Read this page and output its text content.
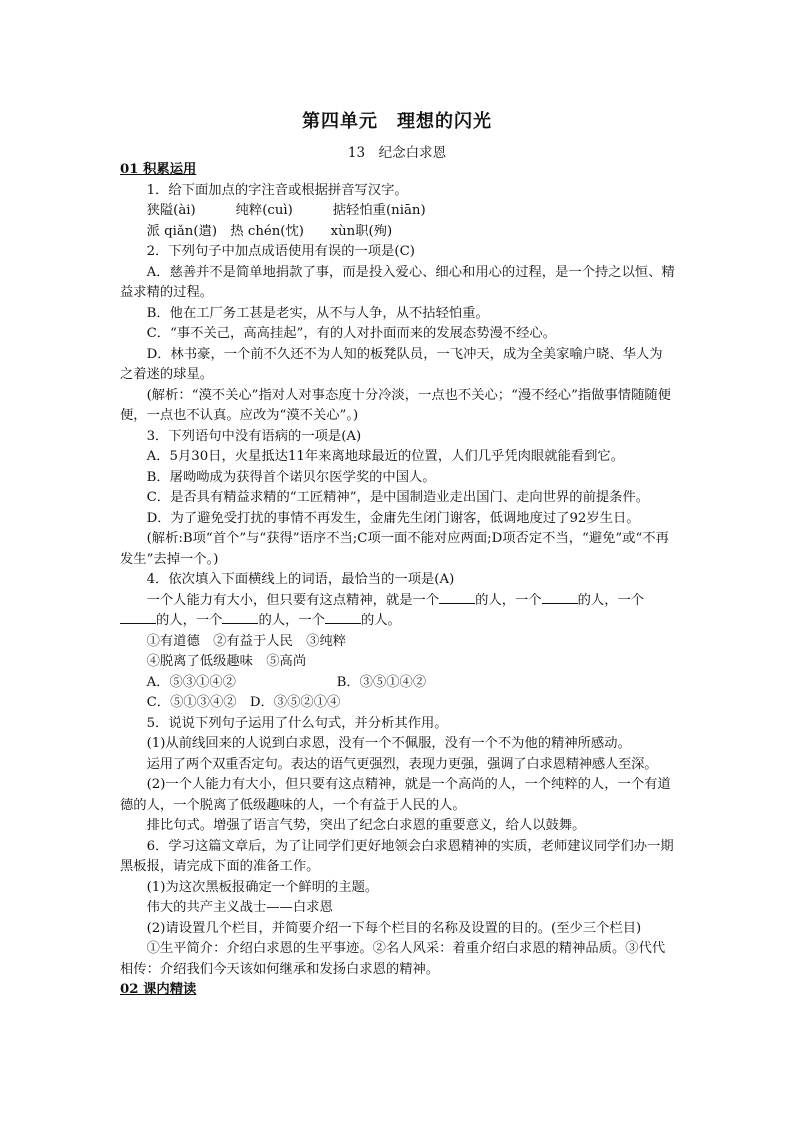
第四单元　理想的闪光
13　纪念白求恩

01 积累运用

1．给下面加点的字注音或根据拼音写汉字。

狭隘(ài)　　　纯粹(cuì)　　　掂轻怕重(niān)
派 qiǎn(遣)　热 chén(忱)　　xùn职(殉)

2．下列句子中加点成语使用有误的一项是(C)

A．慈善并不是简单地捐款了事，而是投入爱心、细心和用心的过程，是一个持之以恒、精益求精的过程。

B．他在工厂务工甚是老实，从不与人争，从不拈轻怕重。

C．“事不关己，高高挂起”，有的人对扑面而来的发展态势漫不经心。

D．林书豪，一个前不久还不为人知的板凳队员，一飞冲天，成为全美家喻户晓、华人为之着迷的球星。

(解析：“漠不关心”指对人对事态度十分冷淡，一点也不关心；“漫不经心”指做事情随随便便，一点也不认真。应改为“漠不关心”。)

3．下列语句中没有语病的一项是(A)

A．5月30日，火星抵达11年来离地球最近的位置，人们几乎凭肉眼就能看到它。

B．屠呦呦成为获得首个诺贝尔医学奖的中国人。

C．是否具有精益求精的“工匠精神”，是中国制造业走出国门、走向世界的前提条件。

D．为了避免受打扰的事情不再发生，金庸先生闭门谢客，低调地度过了92岁生日。

(解析:B项“首个”与“获得”语序不当;C项一面不能对应两面;D项否定不当，“避免”或“不再发生”去掉一个。)

4．依次填入下面横线上的词语，最恰当的一项是(A)

一个人能力有大小，但只要有这点精神，就是一个	的人，一个	的人，一个的人，一个	的人，一个	的人。

①有道德　②有益于人民　③纯粹

④脱离了低级趣味　⑤高尚

A．⑤③①④②	B．③⑤①④②

C．⑤①③④②　D．③⑤②①④

5．说说下列句子运用了什么句式，并分析其作用。

(1)从前线回来的人说到白求恩，没有一个不佩服，没有一个不为他的精神所感动。

运用了两个双重否定句。表达的语气更强烈，表现力更强，强调了白求恩精神感人至深。

(2)一个人能力有大小，但只要有这点精神，就是一个高尚的人，一个纯粹的人，一个有道德的人，一个脱离了低级趣味的人，一个有益于人民的人。

排比句式。增强了语言气势，突出了纪念白求恩的重要意义，给人以鼓舞。

6．学习这篇文章后，为了让同学们更好地领会白求恩精神的实质，老师建议同学们办一期黑板报，请完成下面的准备工作。

(1)为这次黑板报确定一个鲜明的主题。

伟大的共产主义战士——白求恩

(2)请设置几个栏目，并简要介绍一下每个栏目的名称及设置的目的。(至少三个栏目)

①生平简介：介绍白求恩的生平事迹。②名人风采：着重介绍白求恩的精神品质。③代代相传：介绍我们今天该如何继承和发扬白求恩的精神。

02 课内精读
